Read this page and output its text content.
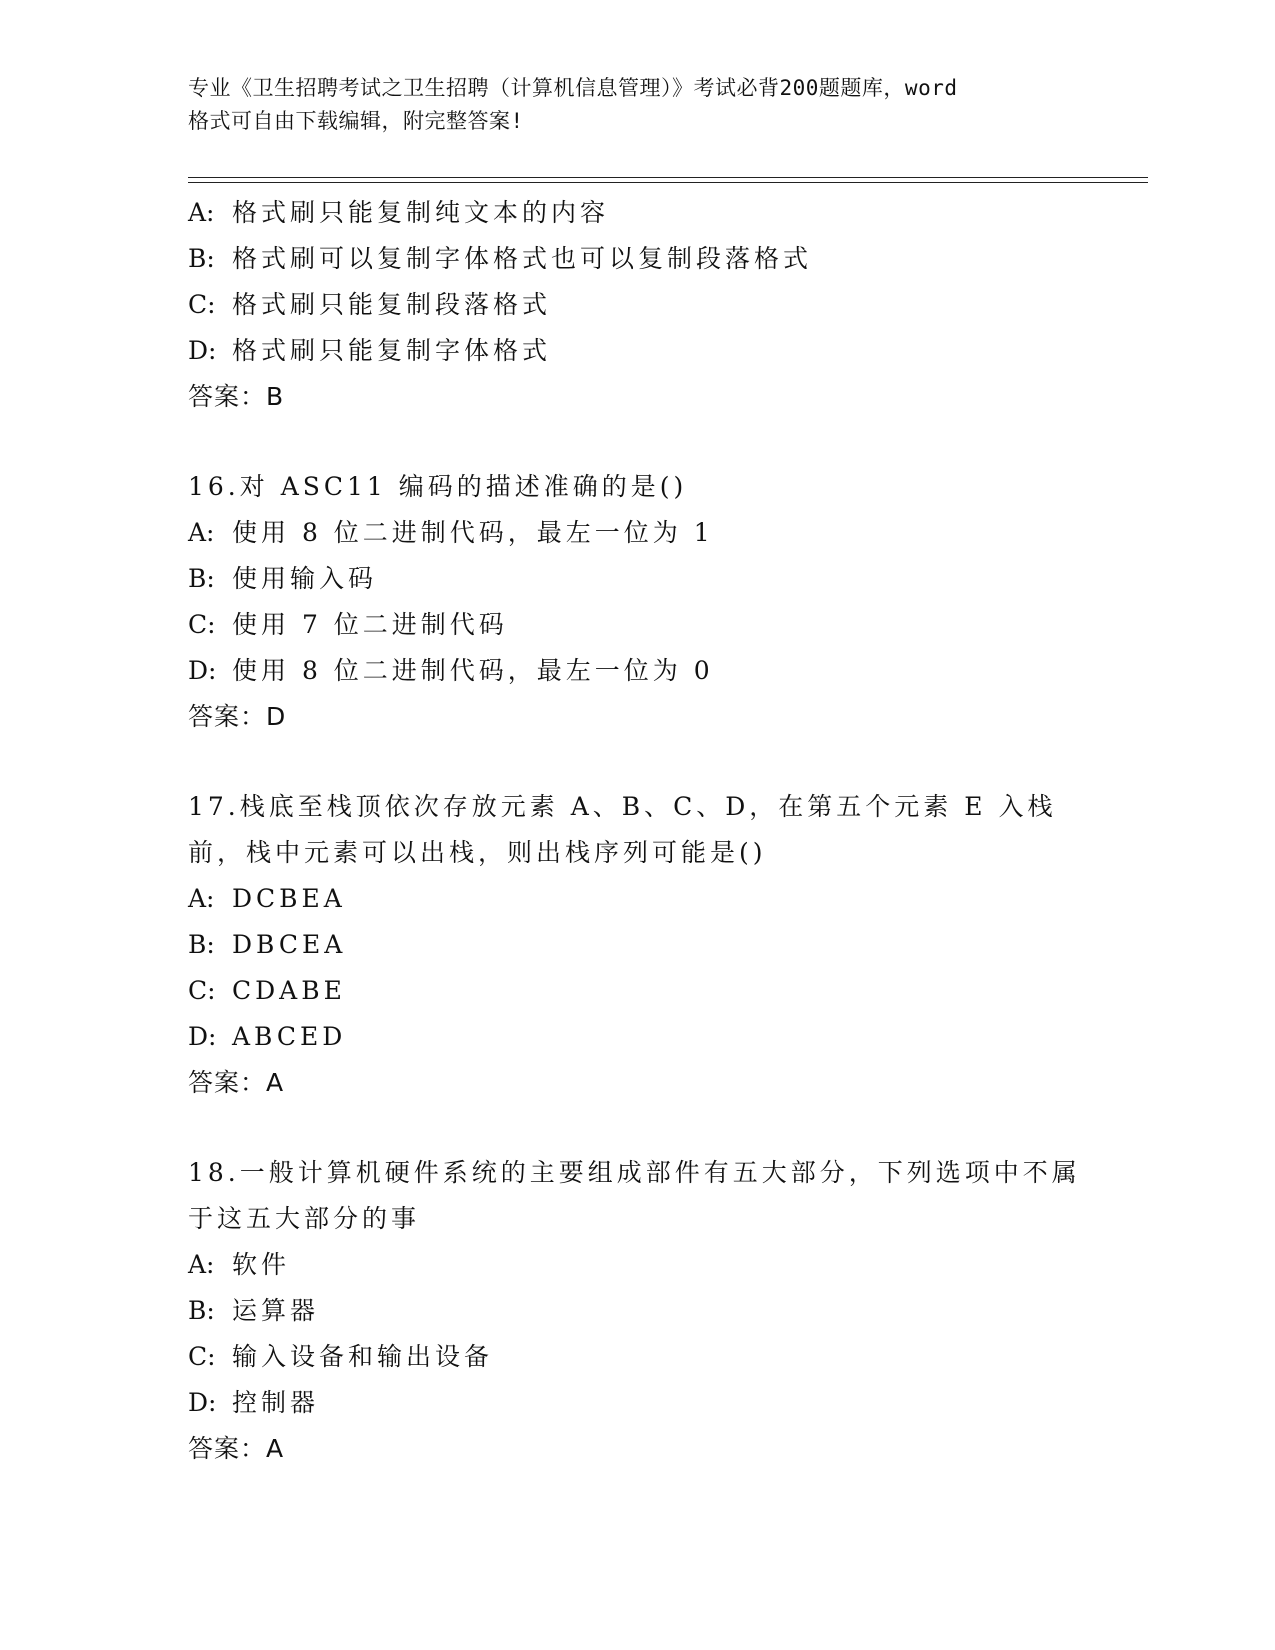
专业《卫生招聘考试之卫生招聘（计算机信息管理）》考试必背200题题库，word
格式可自由下载编辑，附完整答案!
A: 格式刷只能复制纯文本的内容
B: 格式刷可以复制字体格式也可以复制段落格式
C: 格式刷只能复制段落格式
D: 格式刷只能复制字体格式
答案：B
16.对 ASC11 编码的描述准确的是()
A: 使用 8 位二进制代码，最左一位为 1
B: 使用输入码
C: 使用 7 位二进制代码
D: 使用 8 位二进制代码，最左一位为 0
答案：D
17.栈底至栈顶依次存放元素 A、B、C、D，在第五个元素 E 入栈前，栈中元素可以出栈，则出栈序列可能是()
A: DCBEA
B: DBCEA
C: CDABE
D: ABCED
答案：A
18.一般计算机硬件系统的主要组成部件有五大部分，下列选项中不属于这五大部分的事
A: 软件
B: 运算器
C: 输入设备和输出设备
D: 控制器
答案：A
